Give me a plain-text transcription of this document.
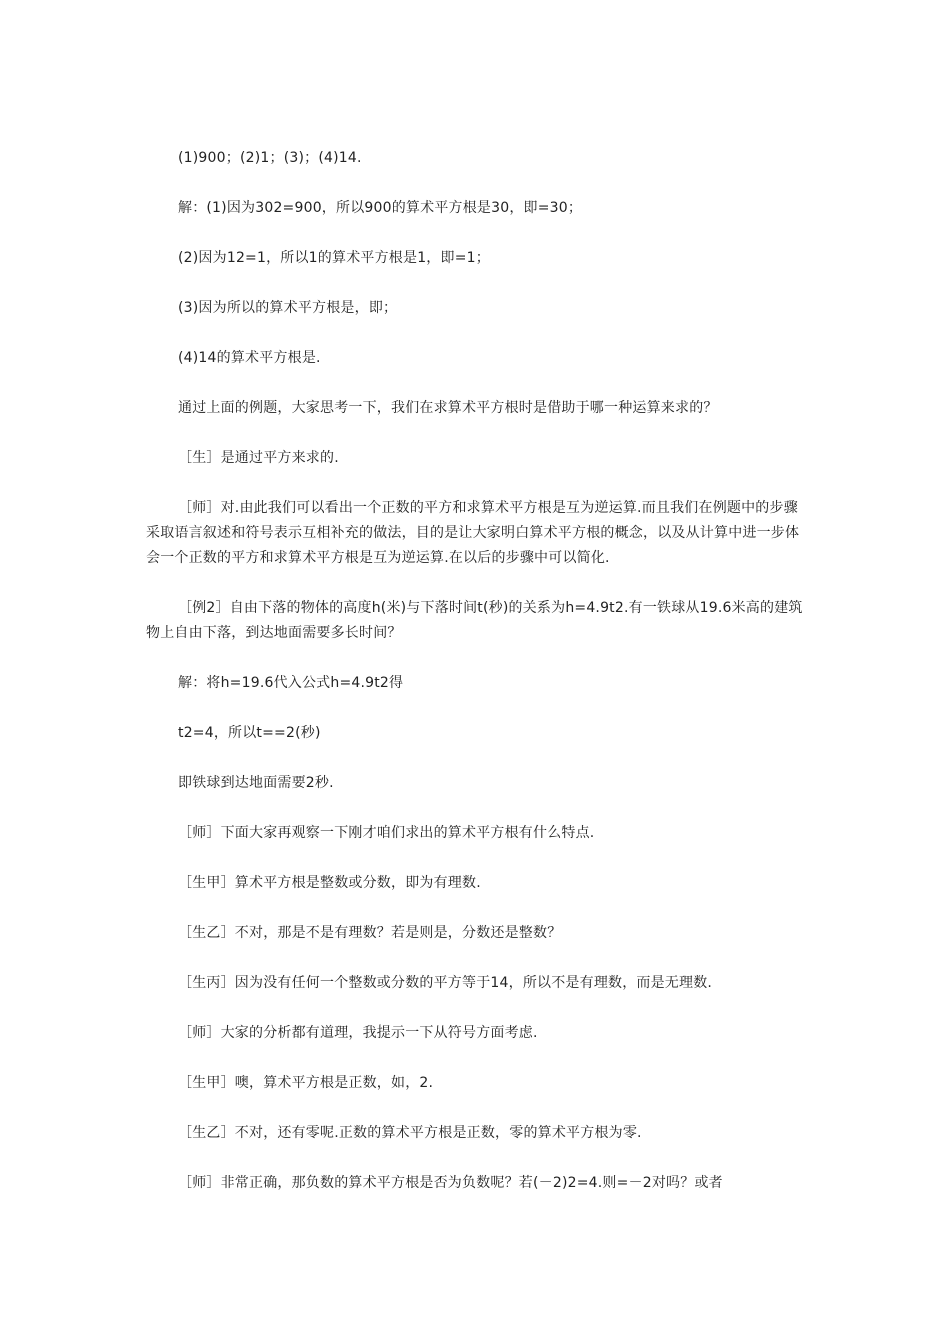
(1)900；(2)1；(3)；(4)14.

解：(1)因为302=900，所以900的算术平方根是30，即=30；

(2)因为12=1，所以1的算术平方根是1，即=1；

(3)因为所以的算术平方根是，即；

(4)14的算术平方根是.

通过上面的例题，大家思考一下，我们在求算术平方根时是借助于哪一种运算来求的？

［生］是通过平方来求的.

［师］对.由此我们可以看出一个正数的平方和求算术平方根是互为逆运算.而且我们在例题中的步骤采取语言叙述和符号表示互相补充的做法，目的是让大家明白算术平方根的概念，以及从计算中进一步体会一个正数的平方和求算术平方根是互为逆运算.在以后的步骤中可以简化.

［例2］自由下落的物体的高度h(米)与下落时间t(秒)的关系为h=4.9t2.有一铁球从19.6米高的建筑物上自由下落，到达地面需要多长时间？

解：将h=19.6代入公式h=4.9t2得

t2=4，所以t==2(秒)

即铁球到达地面需要2秒.

［师］下面大家再观察一下刚才咱们求出的算术平方根有什么特点.

［生甲］算术平方根是整数或分数，即为有理数.

［生乙］不对，那是不是有理数？若是则是，分数还是整数？

［生丙］因为没有任何一个整数或分数的平方等于14，所以不是有理数，而是无理数.

［师］大家的分析都有道理，我提示一下从符号方面考虑.

［生甲］噢，算术平方根是正数，如，2.

［生乙］不对，还有零呢.正数的算术平方根是正数，零的算术平方根为零.

［师］非常正确，那负数的算术平方根是否为负数呢？若(－2)2=4.则=－2对吗？或者
